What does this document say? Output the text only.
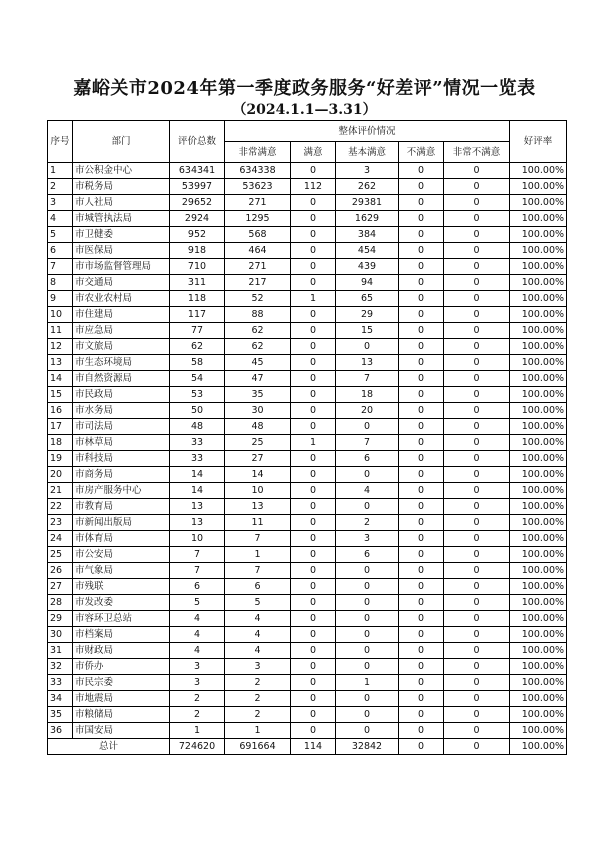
嘉峪关市2024年第一季度政务服务“好差评”情况一览表
（2024.1.1—3.31）
序号	部门	评价总数	整体评价情况					好评率
			非常满意	满意	基本满意	不满意	非常不满意	
1	市公积金中心	634341	634338	0	3	0	0	100.00%
2	市税务局	53997	53623	112	262	0	0	100.00%
3	市人社局	29652	271	0	29381	0	0	100.00%
4	市城管执法局	2924	1295	0	1629	0	0	100.00%
5	市卫健委	952	568	0	384	0	0	100.00%
6	市医保局	918	464	0	454	0	0	100.00%
7	市市场监督管理局	710	271	0	439	0	0	100.00%
8	市交通局	311	217	0	94	0	0	100.00%
9	市农业农村局	118	52	1	65	0	0	100.00%
10	市住建局	117	88	0	29	0	0	100.00%
11	市应急局	77	62	0	15	0	0	100.00%
12	市文旅局	62	62	0	0	0	0	100.00%
13	市生态环境局	58	45	0	13	0	0	100.00%
14	市自然资源局	54	47	0	7	0	0	100.00%
15	市民政局	53	35	0	18	0	0	100.00%
16	市水务局	50	30	0	20	0	0	100.00%
17	市司法局	48	48	0	0	0	0	100.00%
18	市林草局	33	25	1	7	0	0	100.00%
19	市科技局	33	27	0	6	0	0	100.00%
20	市商务局	14	14	0	0	0	0	100.00%
21	市房产服务中心	14	10	0	4	0	0	100.00%
22	市教育局	13	13	0	0	0	0	100.00%
23	市新闻出版局	13	11	0	2	0	0	100.00%
24	市体育局	10	7	0	3	0	0	100.00%
25	市公安局	7	1	0	6	0	0	100.00%
26	市气象局	7	7	0	0	0	0	100.00%
27	市残联	6	6	0	0	0	0	100.00%
28	市发改委	5	5	0	0	0	0	100.00%
29	市容环卫总站	4	4	0	0	0	0	100.00%
30	市档案局	4	4	0	0	0	0	100.00%
31	市财政局	4	4	0	0	0	0	100.00%
32	市侨办	3	3	0	0	0	0	100.00%
33	市民宗委	3	2	0	1	0	0	100.00%
34	市地震局	2	2	0	0	0	0	100.00%
35	市粮储局	2	2	0	0	0	0	100.00%
36	市国安局	1	1	0	0	0	0	100.00%
总计		724620	691664	114	32842	0	0	100.00%
